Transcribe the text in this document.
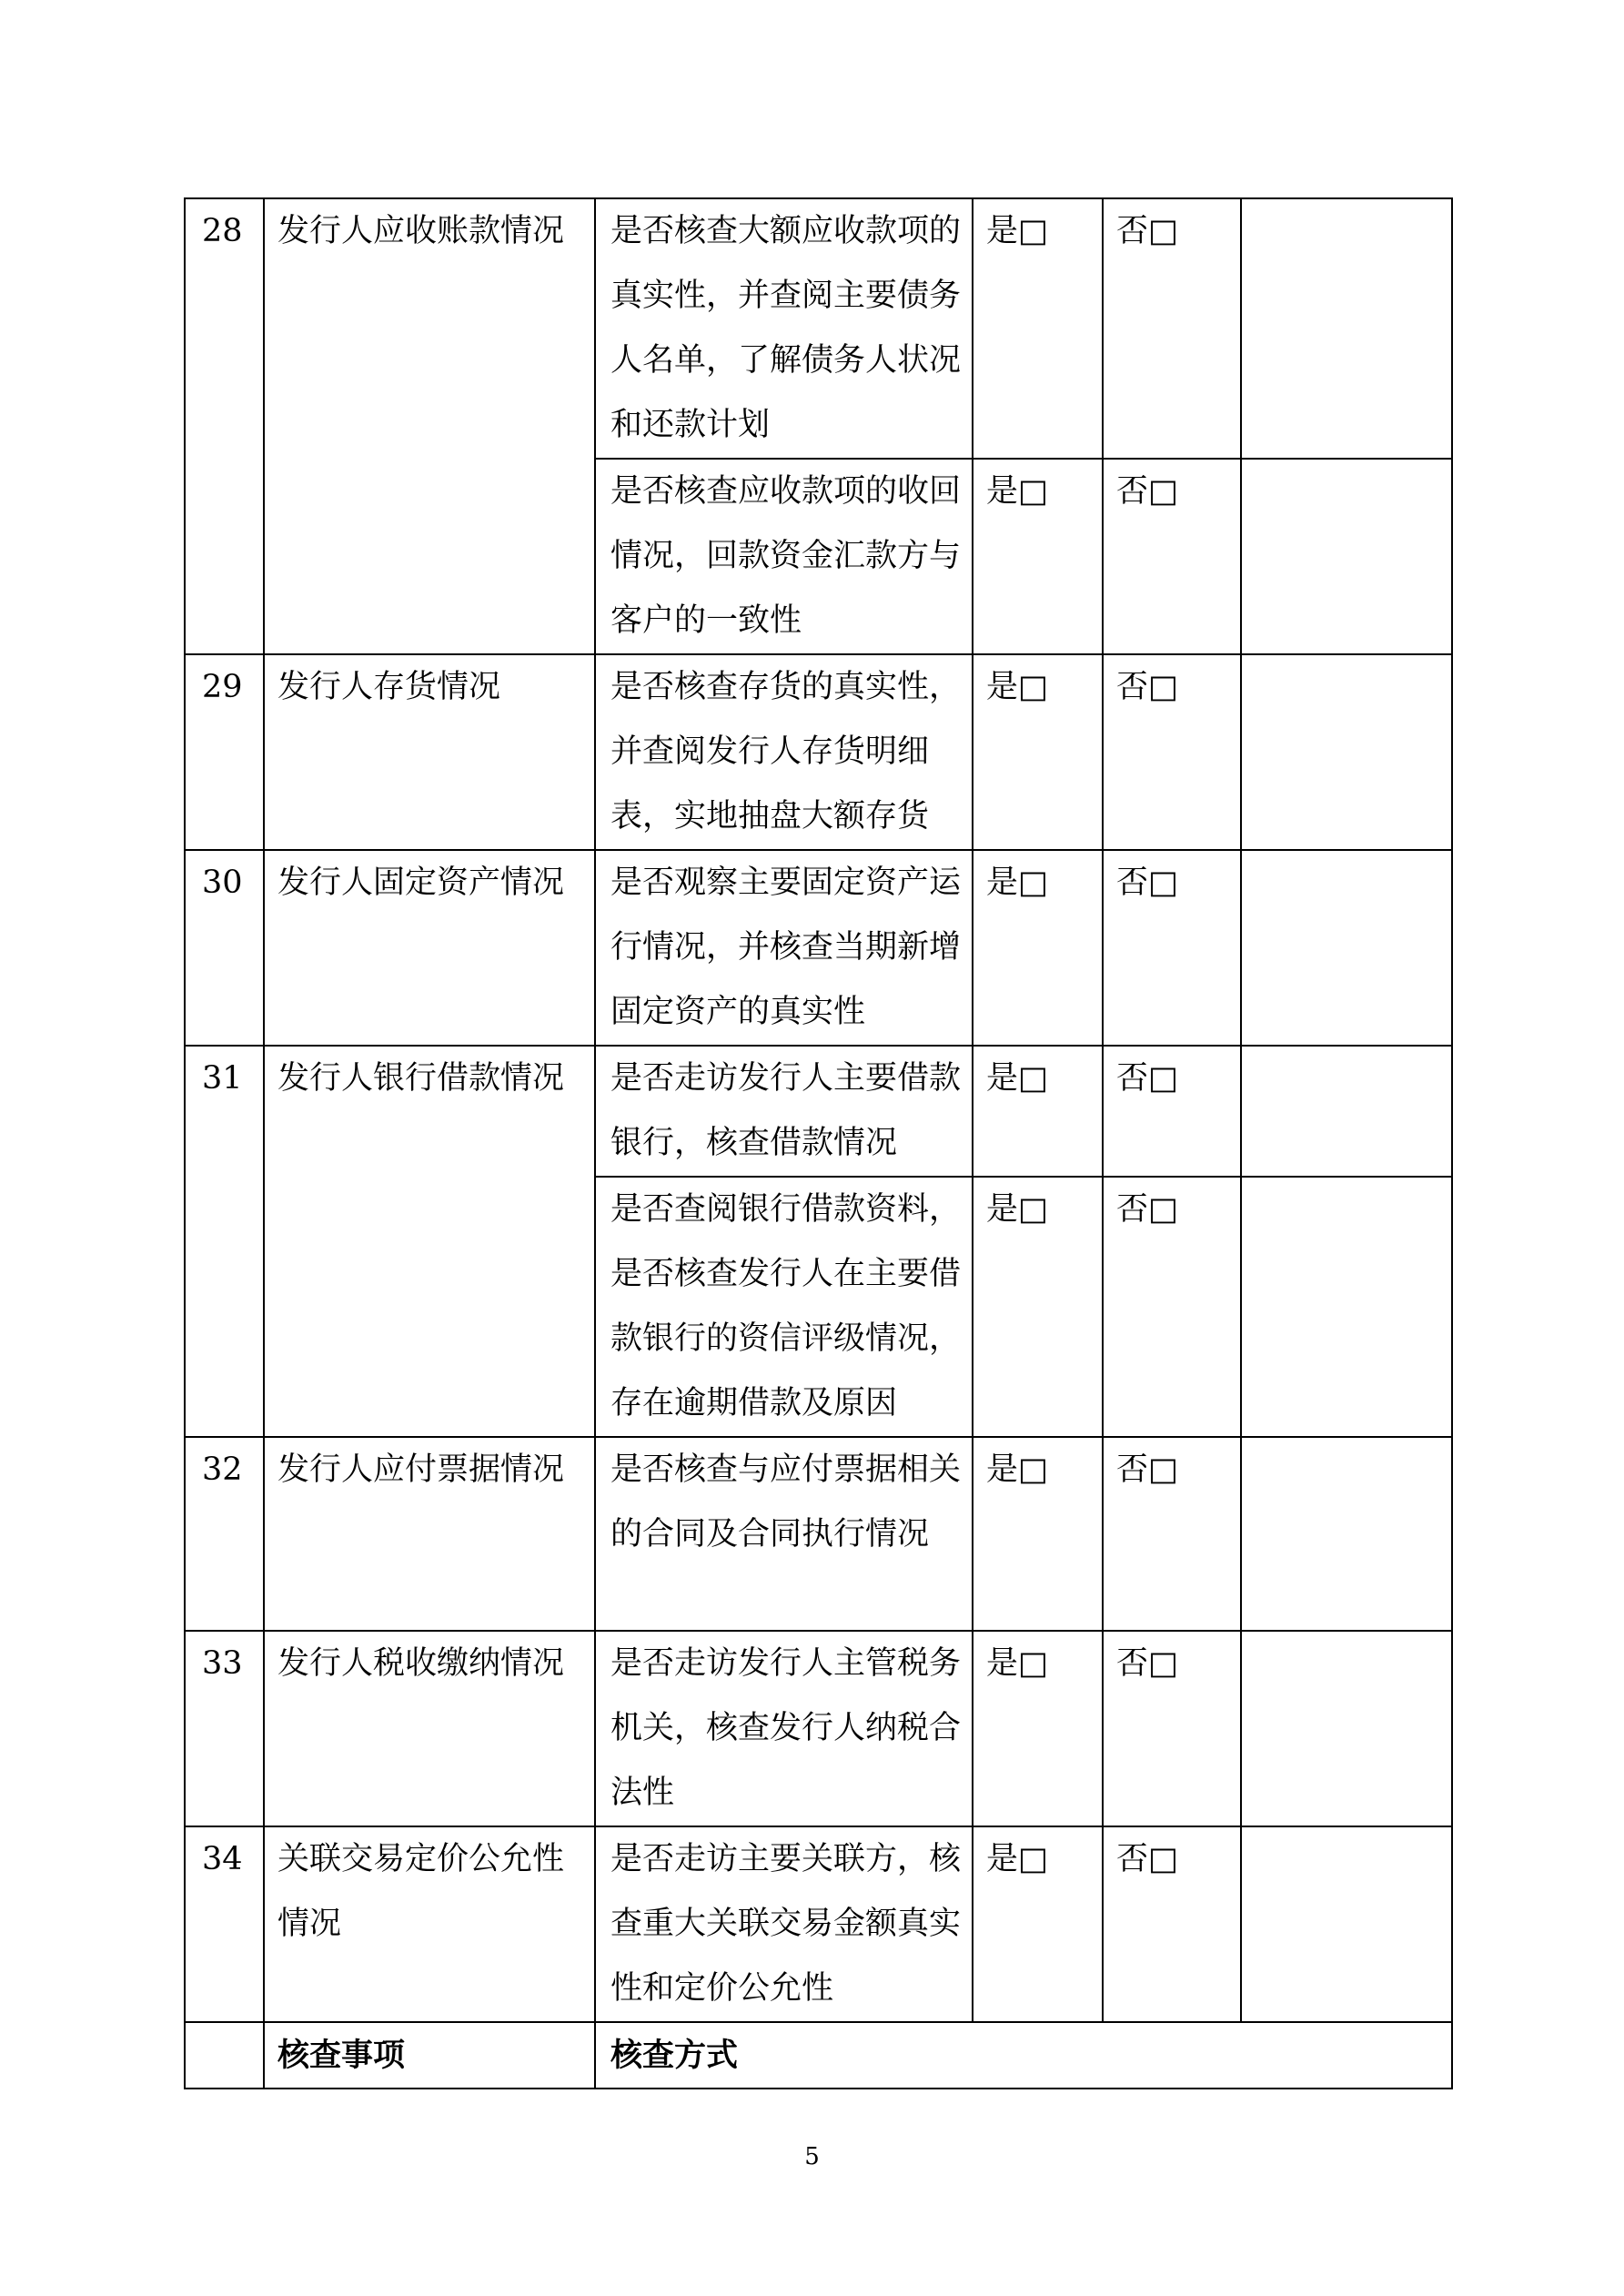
28	发行人应收账款情况	是否核查大额应收款项的真实性，并查阅主要债务人名单，了解债务人状况和还款计划	是□	否□	
		是否核查应收款项的收回情况，回款资金汇款方与客户的一致性	是□	否□	
29	发行人存货情况	是否核查存货的真实性，并查阅发行人存货明细表，实地抽盘大额存货	是□	否□	
30	发行人固定资产情况	是否观察主要固定资产运行情况，并核查当期新增固定资产的真实性	是□	否□	
31	发行人银行借款情况	是否走访发行人主要借款银行，核查借款情况	是□	否□	
		是否查阅银行借款资料，是否核查发行人在主要借款银行的资信评级情况，存在逾期借款及原因	是□	否□	
32	发行人应付票据情况	是否核查与应付票据相关的合同及合同执行情况	是□	否□	
33	发行人税收缴纳情况	是否走访发行人主管税务机关，核查发行人纳税合法性	是□	否□	
34	关联交易定价公允性情况	是否走访主要关联方，核查重大关联交易金额真实性和定价公允性	是□	否□	
	核查事项	核查方式			
5
